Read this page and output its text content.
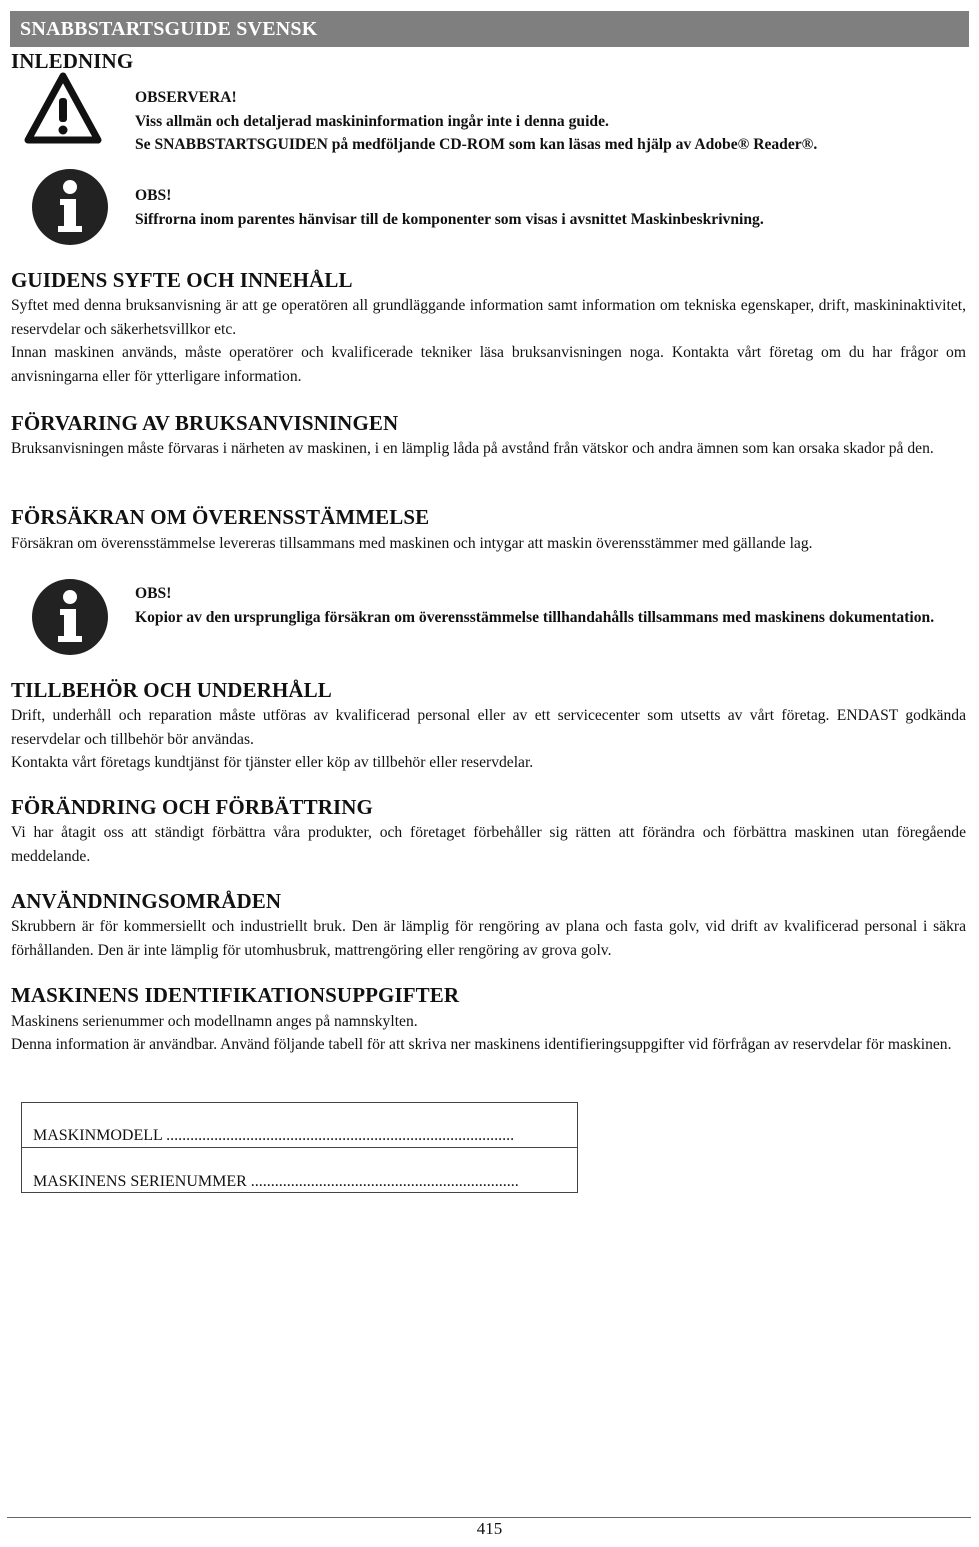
SNABBSTARTSGUIDE SVENSK
INLEDNING
OBSERVERA!
Viss allmän och detaljerad maskininformation ingår inte i denna guide.
Se SNABBSTARTSGUIDEN på medföljande CD-ROM som kan läsas med hjälp av Adobe® Reader®.
OBS!
Siffrorna inom parentes hänvisar till de komponenter som visas i avsnittet Maskinbeskrivning.
GUIDENS SYFTE OCH INNEHÅLL

Syftet med denna bruksanvisning är att ge operatören all grundläggande information samt information om tekniska egenskaper, drift, maskininaktivitet, reservdelar och säkerhetsvillkor etc.

Innan maskinen används, måste operatörer och kvalificerade tekniker läsa bruksanvisningen noga. Kontakta vårt företag om du har frågor om anvisningarna eller för ytterligare information.

FÖRVARING AV BRUKSANVISNINGEN

Bruksanvisningen måste förvaras i närheten av maskinen, i en lämplig låda på avstånd från vätskor och andra ämnen som kan orsaka skador på den.

FÖRSÄKRAN OM ÖVERENSSTÄMMELSE

Försäkran om överensstämmelse levereras tillsammans med maskinen och intygar att maskin överensstämmer med gällande lag.

OBS!
Kopior av den ursprungliga försäkran om överensstämmelse tillhandahålls tillsammans med maskinens dokumentation.
TILLBEHÖR OCH UNDERHÅLL

Drift, underhåll och reparation måste utföras av kvalificerad personal eller av ett servicecenter som utsetts av vårt företag. ENDAST godkända reservdelar och tillbehör bör användas.

Kontakta vårt företags kundtjänst för tjänster eller köp av tillbehör eller reservdelar.

FÖRÄNDRING OCH FÖRBÄTTRING

Vi har åtagit oss att ständigt förbättra våra produkter, och företaget förbehåller sig rätten att förändra och förbättra maskinen utan föregående meddelande.

ANVÄNDNINGSOMRÅDEN

Skrubbern är för kommersiellt och industriellt bruk. Den är lämplig för rengöring av plana och fasta golv, vid drift av kvalificerad personal i säkra förhållanden. Den är inte lämplig för utomhusbruk, mattrengöring eller rengöring av grova golv.

MASKINENS IDENTIFIKATIONSUPPGIFTER

Maskinens serienummer och modellnamn anges på namnskylten.

Denna information är användbar. Använd följande tabell för att skriva ner maskinens identifieringsuppgifter vid förfrågan av reservdelar för maskinen.

MASKINMODELL .......................................................................................
MASKINENS SERIENUMMER ...................................................................
415
